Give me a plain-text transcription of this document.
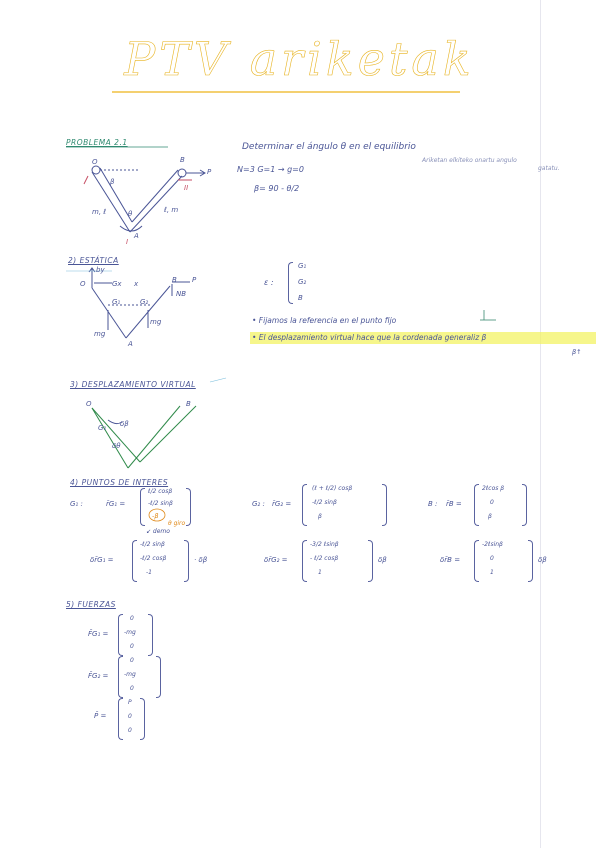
PTV ariketak
PROBLEMA 2.1	Determinar el ángulo θ en el equilibrio
Ariketan elkiteko onartu angulo
gatatu.
N=3 G=1 → g=0
β= 90 - θ/2
O	B
P
β
θ
m, ℓ	ℓ, m
A
I
II
2) ESTÁTICA
by
O	Gx x	B P
NB
G₁	G₂
mg
mg
A
ε :
G₁
G₂
B
• Fijamos la referencia en el punto fijo
• El desplazamiento virtual hace que la cordenada generaliz β
β↑
3) DESPLAZAMIENTO VIRTUAL
O	B
G₁
δθ
δβ
4) PUNTOS DE INTERES
G₁ :	r̄G₁ =
ℓ/2 cosβ
-ℓ/2 sinβ
-β
θ giro
↙ demo
G₂ : r̄G₂ =
(ℓ + ℓ/2) cosβ
-ℓ/2 sinβ
β
B : r̄B =
2ℓcos β
0
β
δr̄G₁ =
-ℓ/2 sinβ
-ℓ/2 cosβ
-1
· δβ	δr̄G₂ =
-3/2 ℓsinβ
- ℓ/2 cosβ
1
δβ	δr̄B =
-2ℓsinβ
0
1
δβ
5) FUERZAS
F̄G₁ =
0
-mg
0
F̄G₂ =
0
-mg
0
P̄ =
P
0
0
